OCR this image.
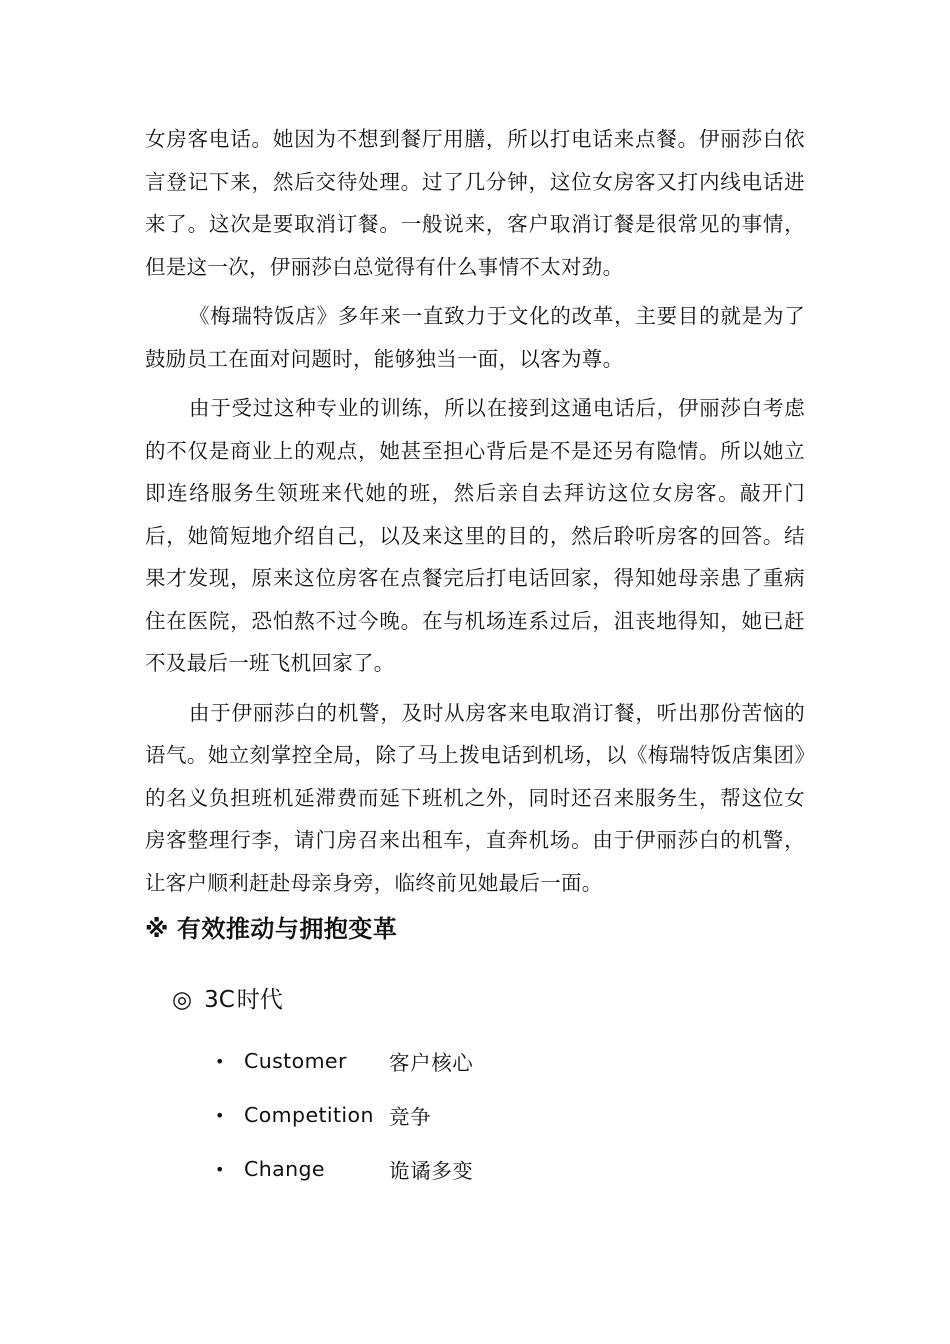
女房客电话。她因为不想到餐厅用膳，所以打电话来点餐。伊丽莎白依言登记下来，然后交待处理。过了几分钟，这位女房客又打内线电话进来了。这次是要取消订餐。一般说来，客户取消订餐是很常见的事情，但是这一次，伊丽莎白总觉得有什么事情不太对劲。

《梅瑞特饭店》多年来一直致力于文化的改革，主要目的就是为了鼓励员工在面对问题时，能够独当一面，以客为尊。

由于受过这种专业的训练，所以在接到这通电话后，伊丽莎白考虑的不仅是商业上的观点，她甚至担心背后是不是还另有隐情。所以她立即连络服务生领班来代她的班，然后亲自去拜访这位女房客。敲开门后，她简短地介绍自己，以及来这里的目的，然后聆听房客的回答。结果才发现，原来这位房客在点餐完后打电话回家，得知她母亲患了重病住在医院，恐怕熬不过今晚。在与机场连系过后，沮丧地得知，她已赶不及最后一班飞机回家了。

由于伊丽莎白的机警，及时从房客来电取消订餐，听出那份苦恼的语气。她立刻掌控全局，除了马上拨电话到机场，以《梅瑞特饭店集团》的名义负担班机延滞费而延下班机之外，同时还召来服务生，帮这位女房客整理行李，请门房召来出租车，直奔机场。由于伊丽莎白的机警，让客户顺利赶赴母亲身旁，临终前见她最后一面。

※ 有效推动与拥抱变革
◎ 3C时代
• Customer	客户核心
• Competition 竞争
• Change	诡谲多变
